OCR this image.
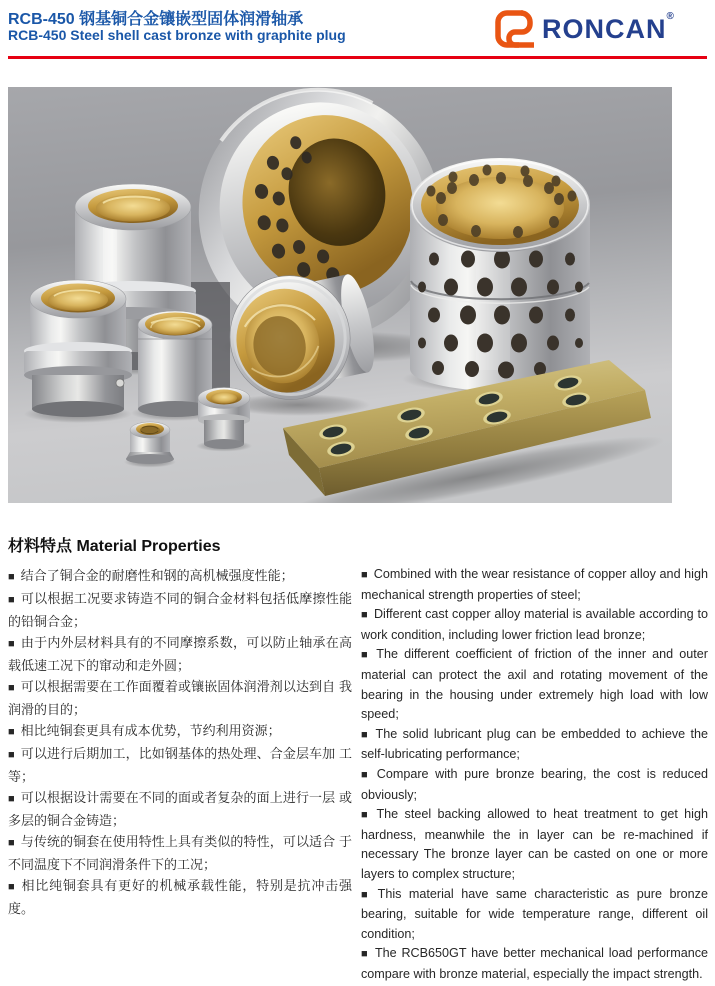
RCB-450 钢基铜合金镶嵌型固体润滑轴承
RCB-450 Steel shell cast bronze with graphite plug	RONCAN ®
材料特点 Material Properties

■ 结合了铜合金的耐磨性和钢的高机械强度性能；

■ 可以根据工况要求铸造不同的铜合金材料包括低摩擦性能的铅铜合金；

■ 由于内外层材料具有的不同摩擦系数，可以防止轴承在高载低速工况下的窜动和走外圆；

■ 可以根据需要在工作面覆着或镶嵌固体润滑剂以达到自 我润滑的目的；

■ 相比纯铜套更具有成本优势，节约利用资源；

■ 可以进行后期加工，比如钢基体的热处理、合金层车加 工等；

■ 可以根据设计需要在不同的面或者复杂的面上进行一层 或多层的铜合金铸造；

■ 与传统的铜套在使用特性上具有类似的特性，可以适合 于不同温度下不同润滑条件下的工况；

■ 相比纯铜套具有更好的机械承载性能，特别是抗冲击强度。

■ Combined with the wear resistance of copper alloy and high mechanical strength properties of steel;

■ Different cast copper alloy material is available according to work condition, including lower friction lead bronze;

■ The different coefficient of friction of the inner and outer material can protect the axil and rotating movement of the bearing in the housing under extremely high load with low speed;

■ The solid lubricant plug can be embedded to achieve the self-lubricating performance;

■ Compare with pure bronze bearing, the cost is reduced obviously;

■ The steel backing allowed to heat treatment to get high hardness, meanwhile the in layer can be re-machined if necessary The bronze layer can be casted on one or more layers to complex structure;

■ This material have same characteristic as pure bronze bearing, suitable for wide temperature range, different oil condition;

■ The RCB650GT have better mechanical load performance compare with bronze material, especially the impact strength.
